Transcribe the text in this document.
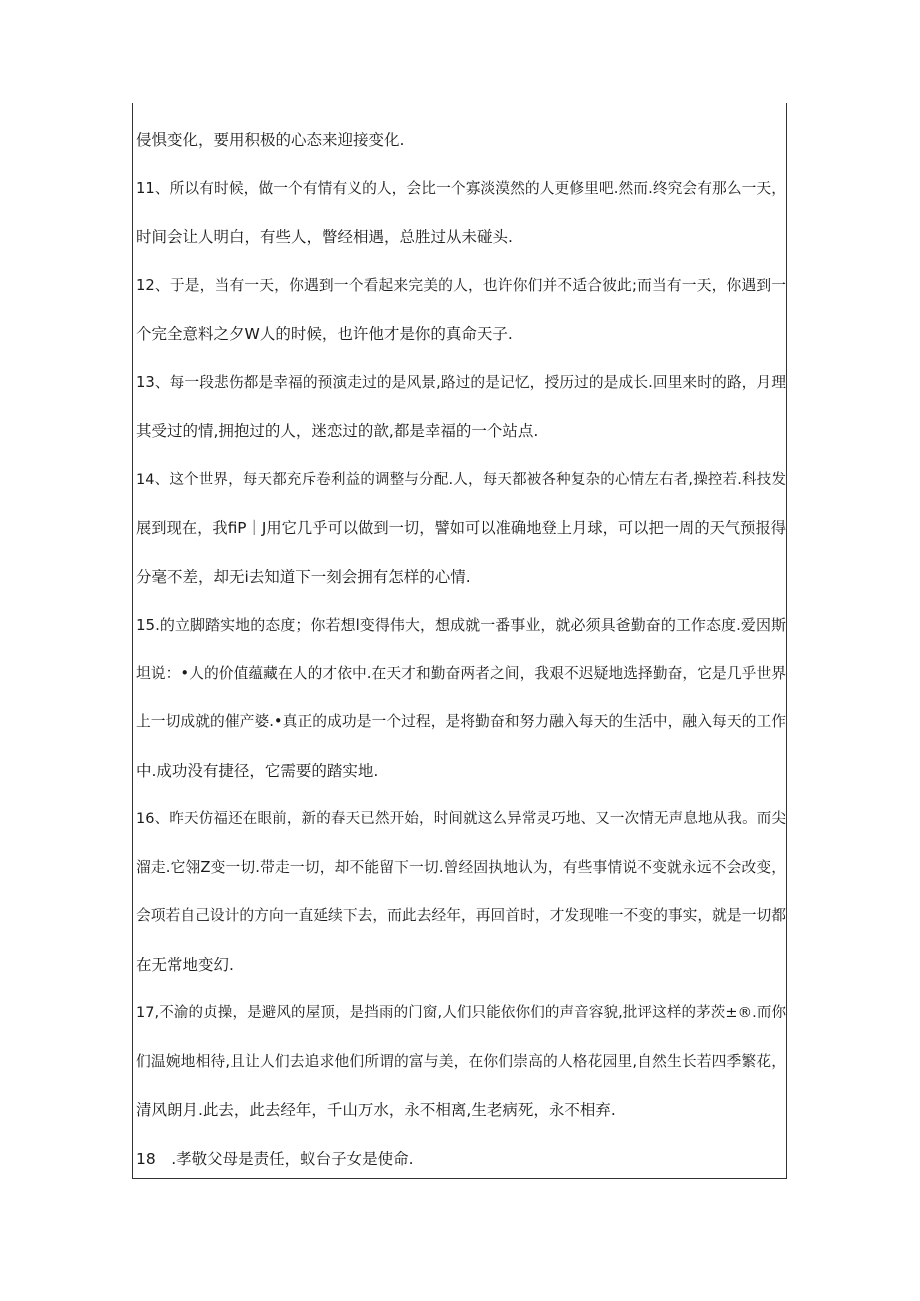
侵惧变化，要用积极的心态来迎接变化.
11、所以有时候，做一个有情有义的人，会比一个寡淡漠然的人更修里吧.然而.终究会有那么一天，
时间会让人明白，有些人，瞥经相遇，总胜过从未碰头.
12、于是，当有一天，你遇到一个看起来完美的人，也许你们并不适合彼此;而当有一天，你遇到一
个完全意料之夕W人的时候，也许他才是你的真命天子.
13、每一段悲伤都是幸福的预演走过的是风景,路过的是记忆，授历过的是成长.回里来时的路，月理
其受过的情,拥抱过的人，迷恋过的歆,都是幸福的一个站点.
14、这个世界，每天都充斥卷利益的调整与分配.人，每天都被各种复杂的心情左右者,操控若.科技发
展到现在，我fiP｜J用它几乎可以做到一切，譬如可以准确地登上月球，可以把一周的天气预报得
分毫不差，却无i去知道下一刻会拥有怎样的心情.
15.的立脚踏实地的态度；你若想l变得伟大，想成就一番事业，就必须具爸勤奋的工作态度.爱因斯
坦说：•人的价值蕴藏在人的才依中.在天才和勤奋两者之间，我艰不迟疑地选择勤奋，它是几乎世界
上一切成就的催产婆.•真正的成功是一个过程，是将勤奋和努力融入每天的生活中，融入每天的工作
中.成功没有捷径，它需要的踏实地.
16、昨天仿福还在眼前，新的春天已然开始，时间就这么异常灵巧地、又一次情无声息地从我。而尖
溜走.它翎Z变一切.带走一切，却不能留下一切.曾经固执地认为，有些事情说不变就永远不会改变，
会项若自己设计的方向一直延续下去，而此去经年，再回首时，才发现唯一不变的事实，就是一切都
在无常地变幻.
17,不渝的贞操，是避风的屋顶，是挡雨的门窗,人们只能依你们的声音容貌,批评这样的茅茨±®.而你
们温婉地相待,且让人们去追求他们所谓的富与美，在你们崇高的人格花园里,自然生长若四季繁花，
清风朗月.此去，此去经年，千山万水，永不相离,生老病死，永不相弃.
18　.孝敬父母是责任，蚁台子女是使命.
